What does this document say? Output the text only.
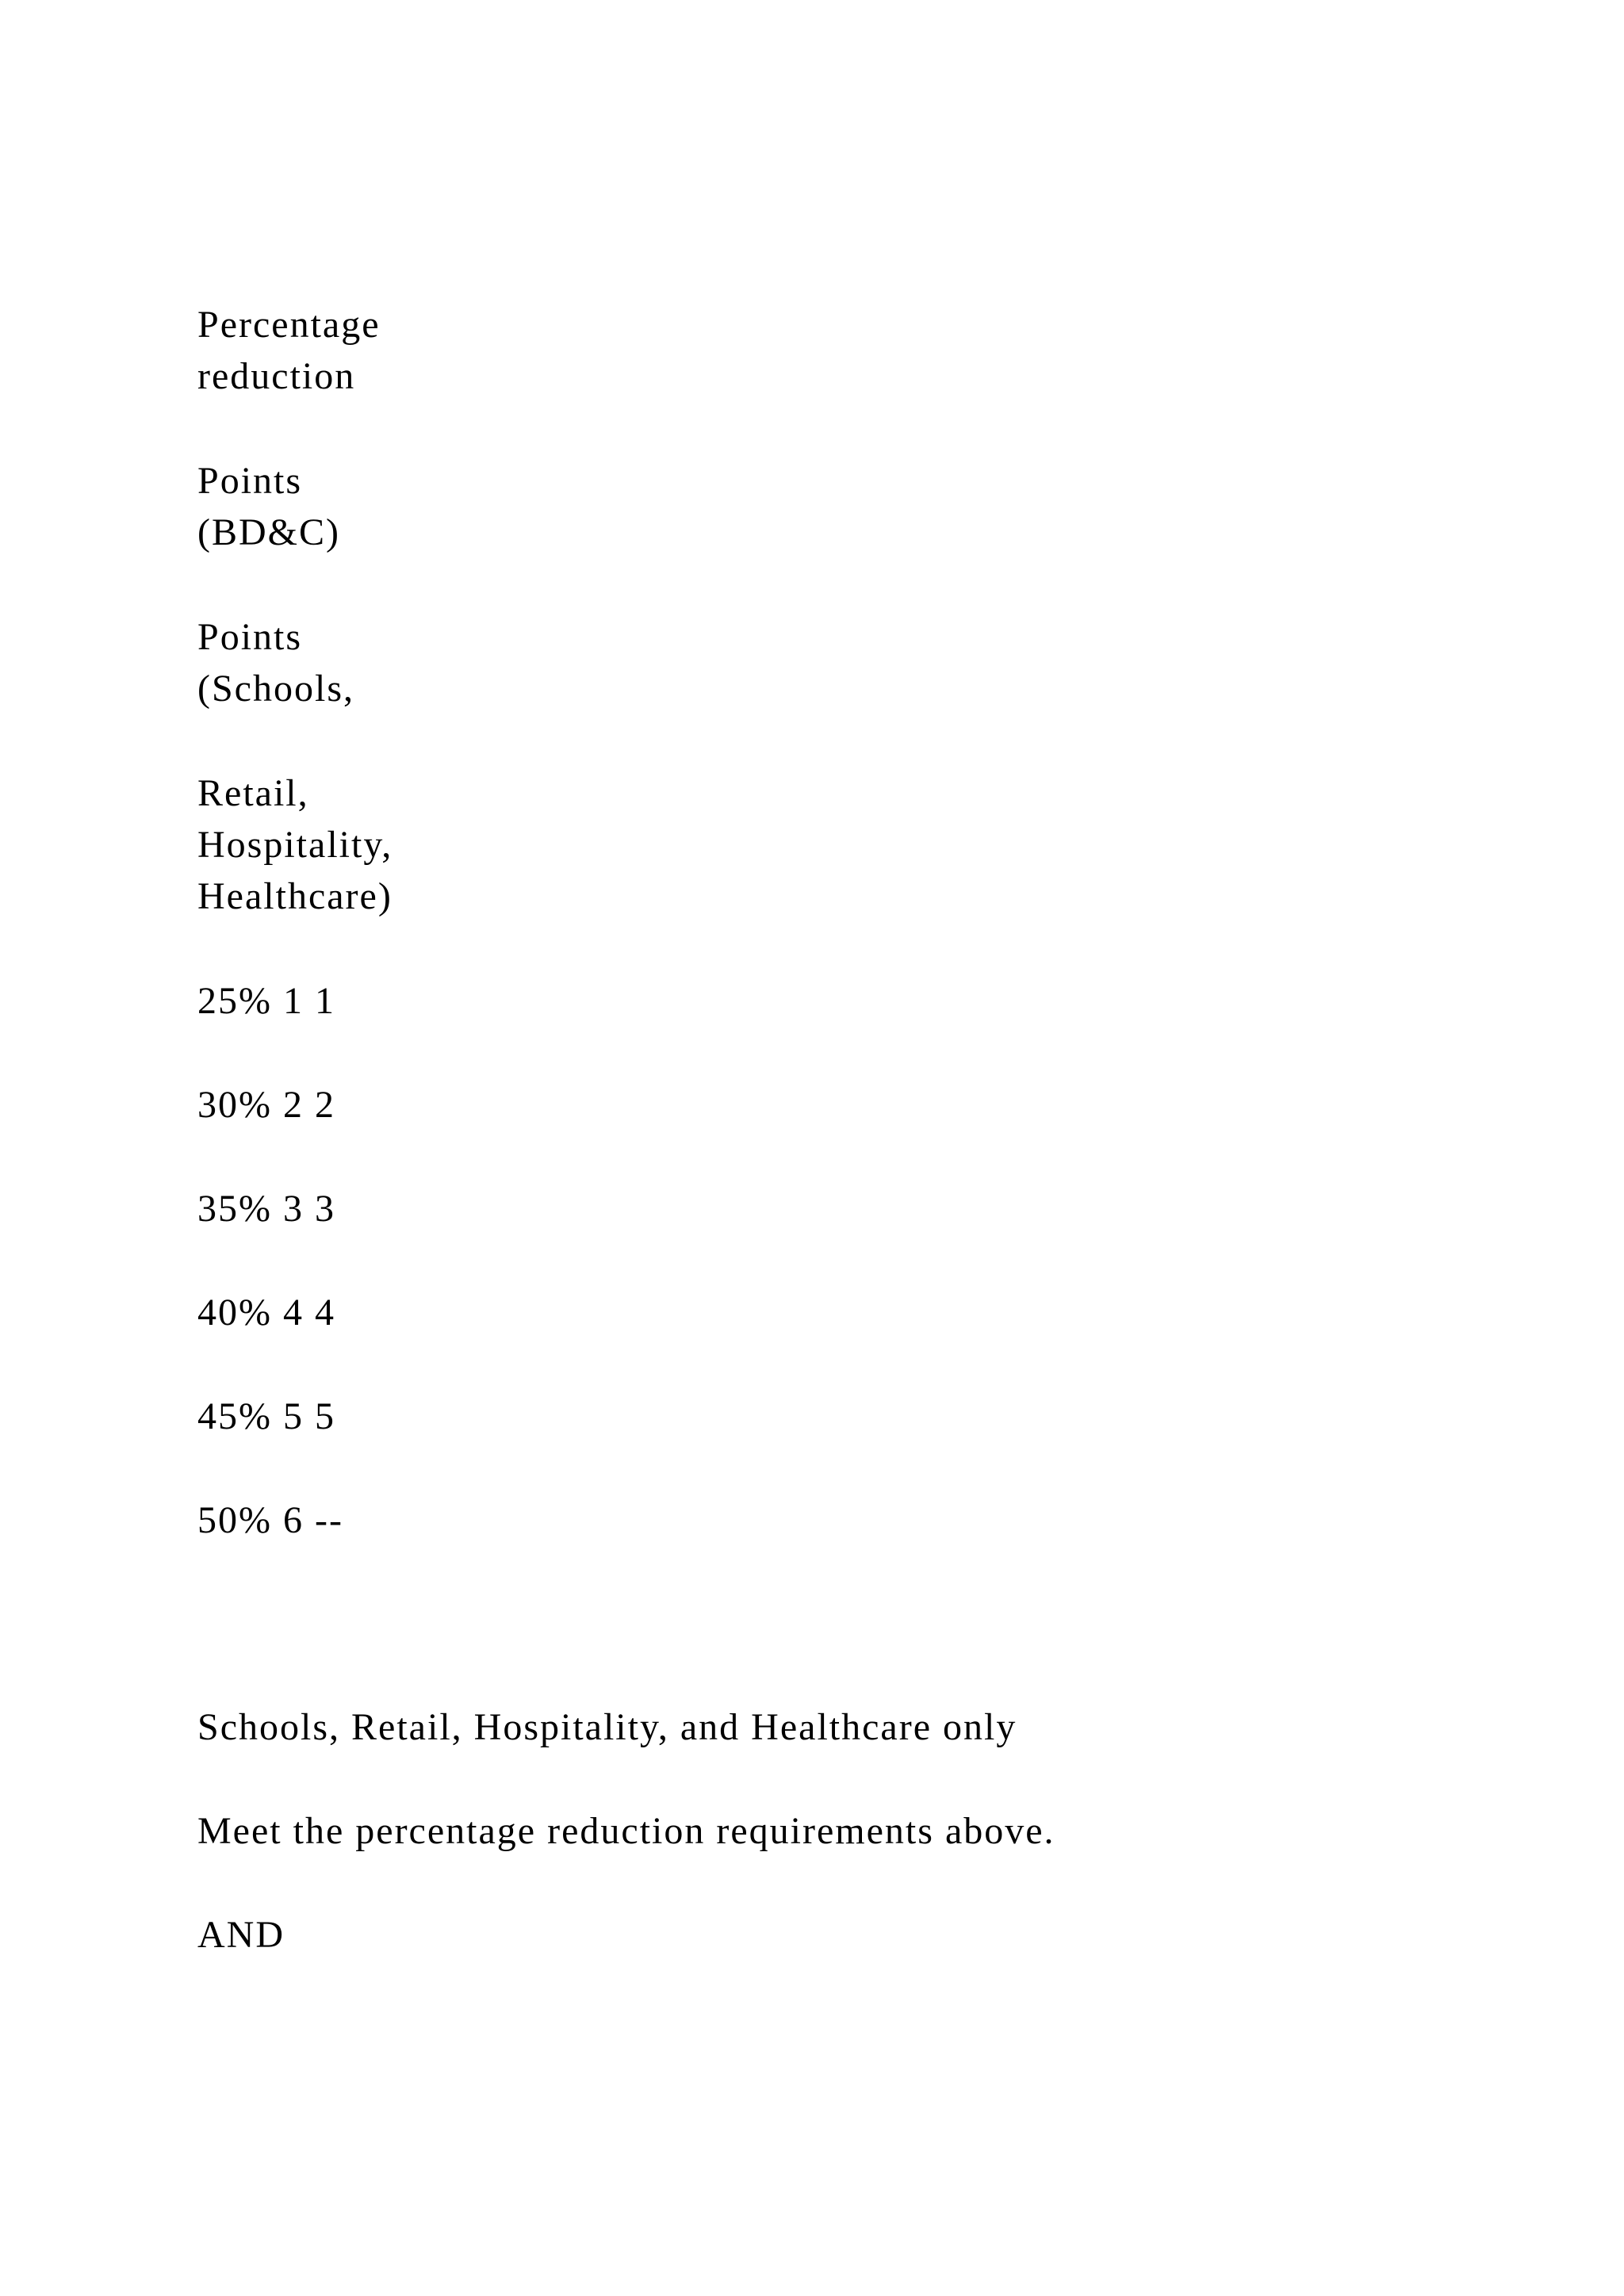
Percentage
reduction
Points
(BD&C)
Points
(Schools,
Retail,
Hospitality,
Healthcare)
25% 1 1
30% 2 2
35% 3 3
40% 4 4
45% 5 5
50% 6 --
Schools, Retail, Hospitality, and Healthcare only
Meet the percentage reduction requirements above.
AND
